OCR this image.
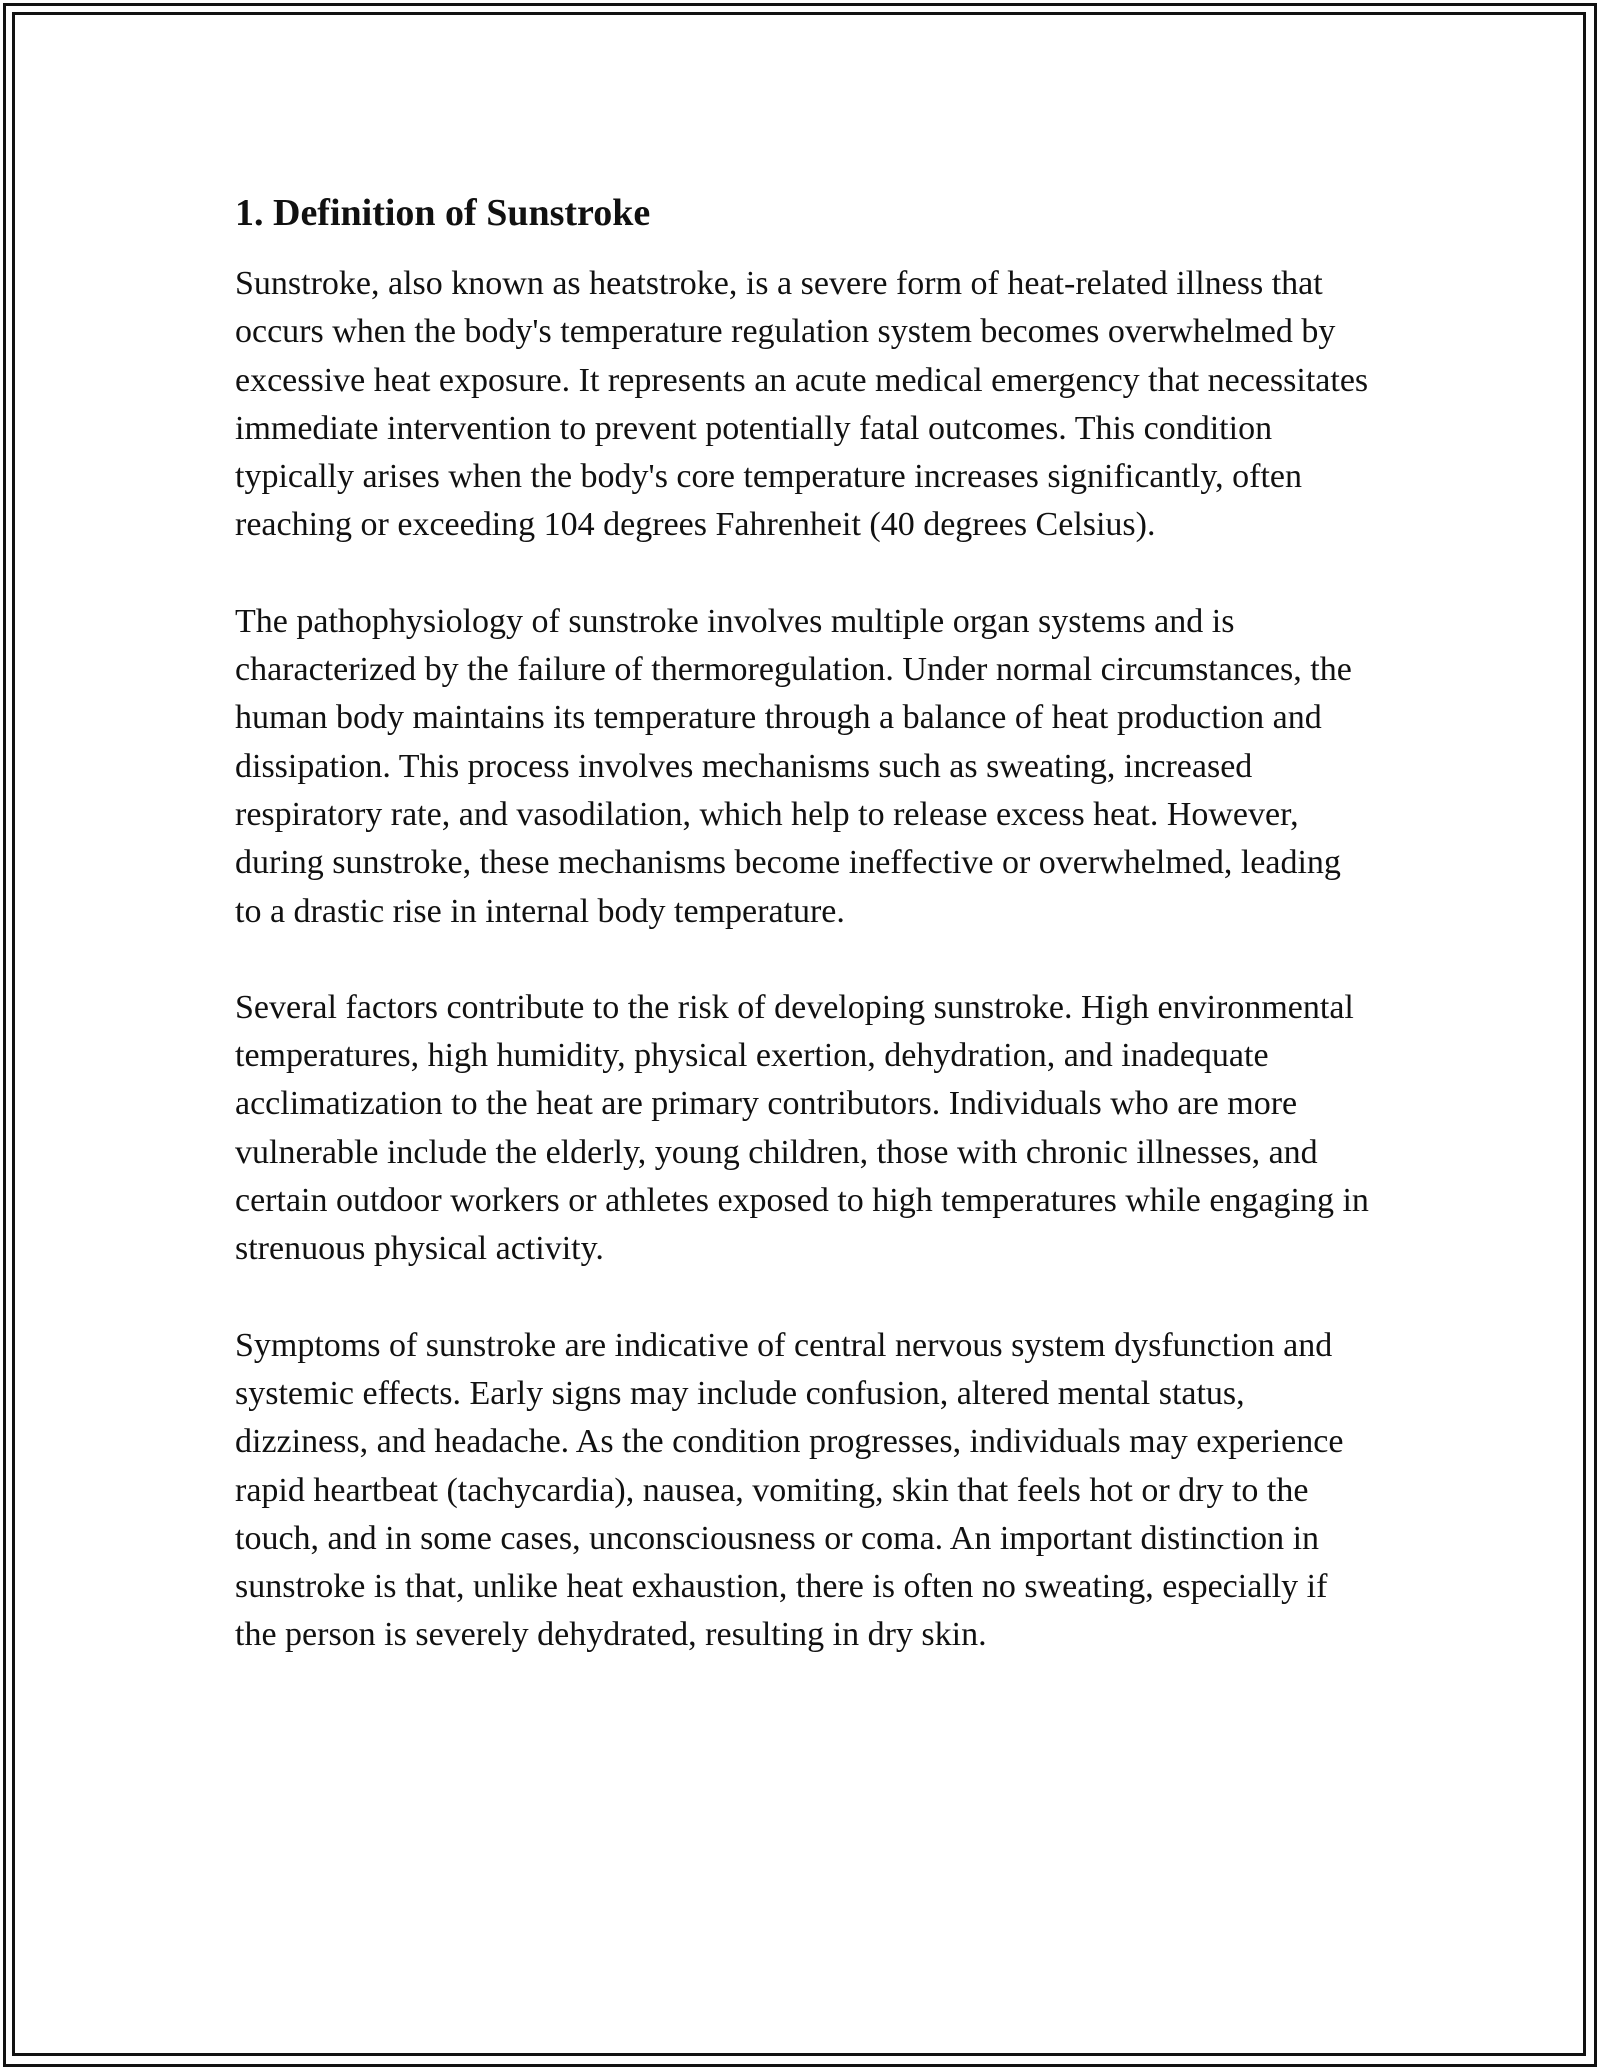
1. Definition of Sunstroke

Sunstroke, also known as heatstroke, is a severe form of heat-related illness that occurs when the body's temperature regulation system becomes overwhelmed by excessive heat exposure. It represents an acute medical emergency that necessitates immediate intervention to prevent potentially fatal outcomes. This condition typically arises when the body's core temperature increases significantly, often reaching or exceeding 104 degrees Fahrenheit (40 degrees Celsius).

The pathophysiology of sunstroke involves multiple organ systems and is characterized by the failure of thermoregulation. Under normal circumstances, the human body maintains its temperature through a balance of heat production and dissipation. This process involves mechanisms such as sweating, increased respiratory rate, and vasodilation, which help to release excess heat. However, during sunstroke, these mechanisms become ineffective or overwhelmed, leading to a drastic rise in internal body temperature.

Several factors contribute to the risk of developing sunstroke. High environmental temperatures, high humidity, physical exertion, dehydration, and inadequate acclimatization to the heat are primary contributors. Individuals who are more vulnerable include the elderly, young children, those with chronic illnesses, and certain outdoor workers or athletes exposed to high temperatures while engaging in strenuous physical activity.

Symptoms of sunstroke are indicative of central nervous system dysfunction and systemic effects. Early signs may include confusion, altered mental status, dizziness, and headache. As the condition progresses, individuals may experience rapid heartbeat (tachycardia), nausea, vomiting, skin that feels hot or dry to the touch, and in some cases, unconsciousness or coma. An important distinction in sunstroke is that, unlike heat exhaustion, there is often no sweating, especially if the person is severely dehydrated, resulting in dry skin.
